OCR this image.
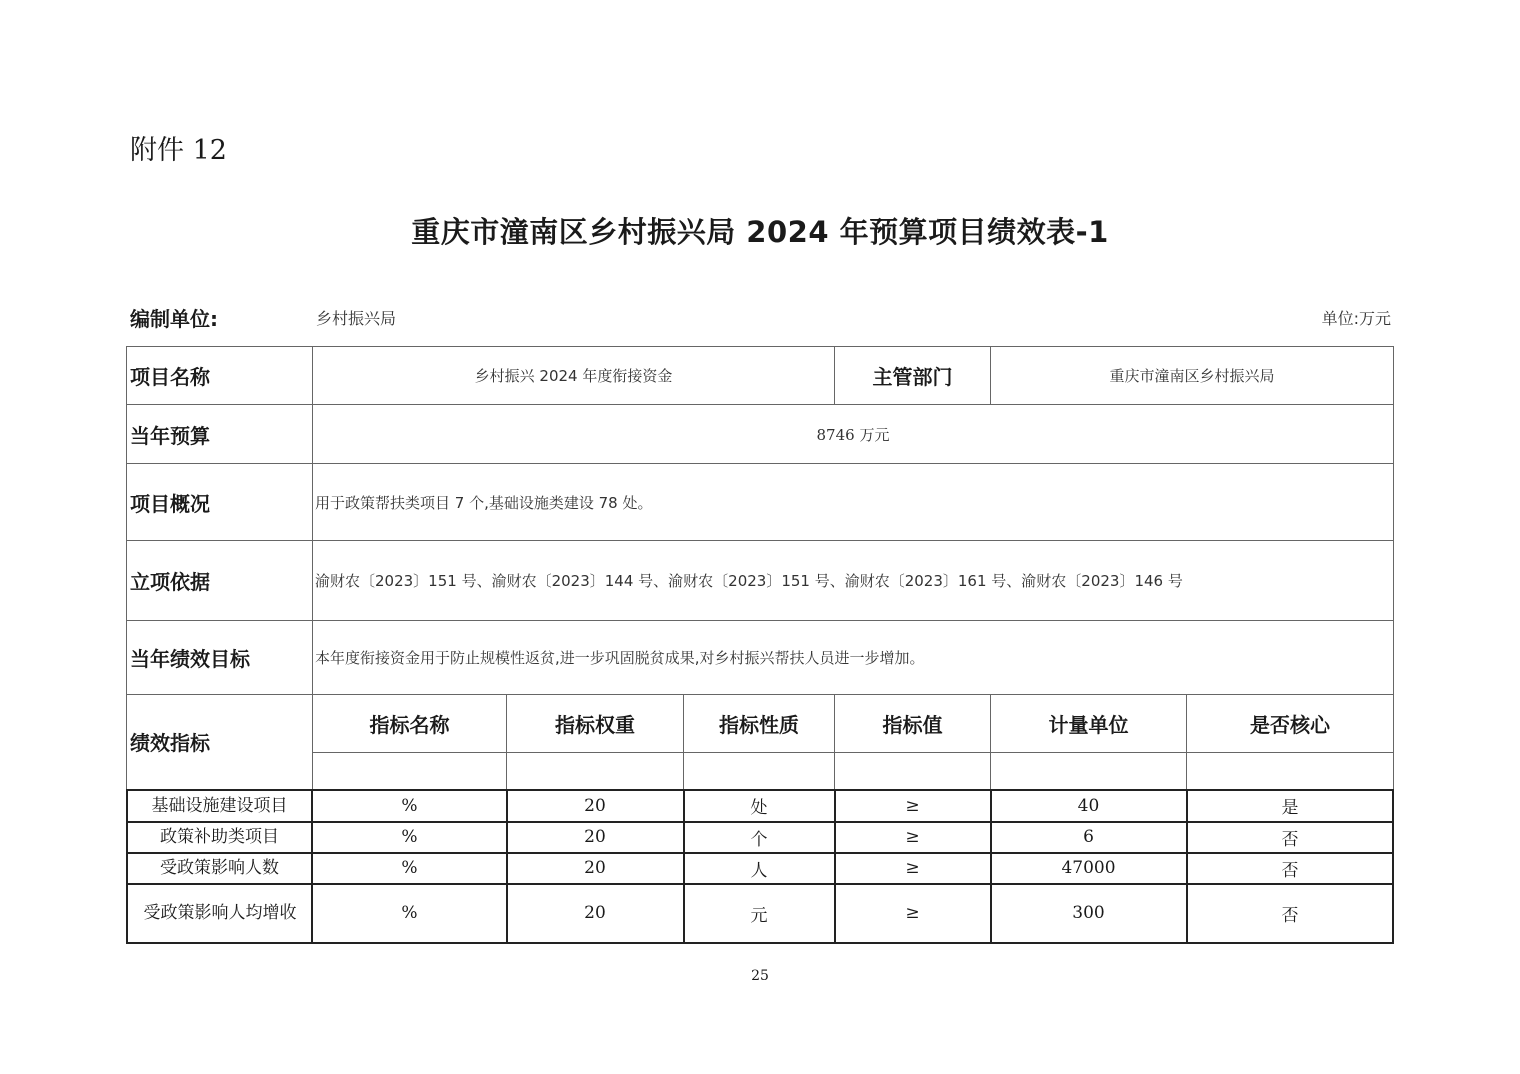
附件 12
重庆市潼南区乡村振兴局 2024 年预算项目绩效表-1
编制单位:	乡村振兴局	单位:万元
项目名称	乡村振兴 2024 年度衔接资金	主管部门	重庆市潼南区乡村振兴局
当年预算	8746 万元
项目概况	用于政策帮扶类项目 7 个,基础设施类建设 78 处。
立项依据	渝财农〔2023〕151 号、渝财农〔2023〕144 号、渝财农〔2023〕151 号、渝财农〔2023〕161 号、渝财农〔2023〕146 号
当年绩效目标	本年度衔接资金用于防止规模性返贫,进一步巩固脱贫成果,对乡村振兴帮扶人员进一步增加。
绩效指标
指标名称	指标权重	指标性质	指标值	计量单位	是否核心
基础设施建设项目	%	20	处	≥	40	是
政策补助类项目	%	20	个	≥	6	否
受政策影响人数	%	20	人	≥	47000	否
受政策影响人均增收	%	20	元	≥	300	否
25
